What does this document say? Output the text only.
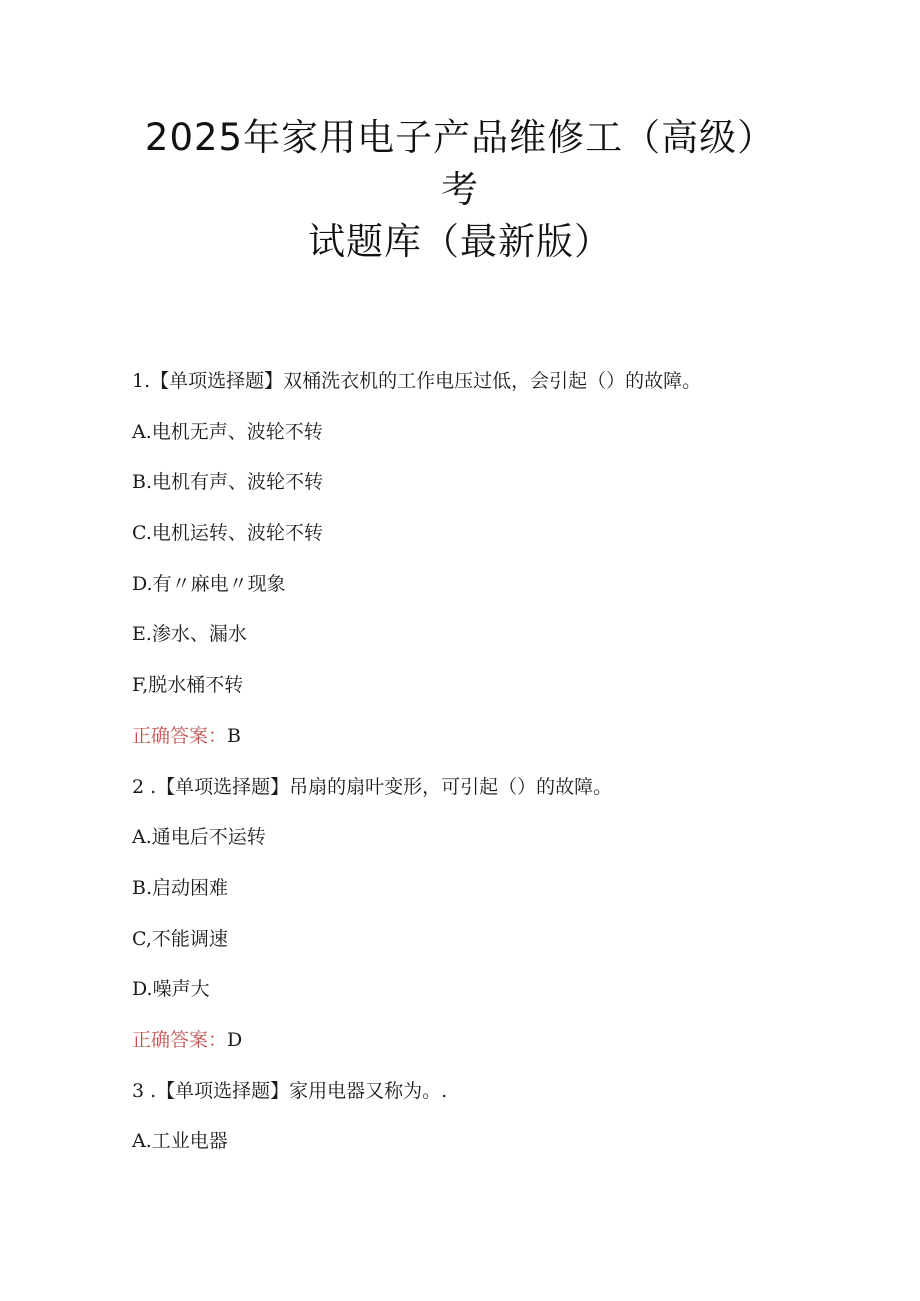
2025年家用电子产品维修工（高级）
考
试题库（最新版）
1.【单项选择题】双桶洗衣机的工作电压过低，会引起（）的故障。
A.电机无声、波轮不转
B.电机有声、波轮不转
C.电机运转、波轮不转
D.有〃麻电〃现象
E.渗水、漏水
F,脱水桶不转
正确答案：B
2 .【单项选择题】吊扇的扇叶变形，可引起（）的故障。
A.通电后不运转
B.启动困难
C,不能调速
D.噪声大
正确答案：D
3 .【单项选择题】家用电器又称为。.
A.工业电器
